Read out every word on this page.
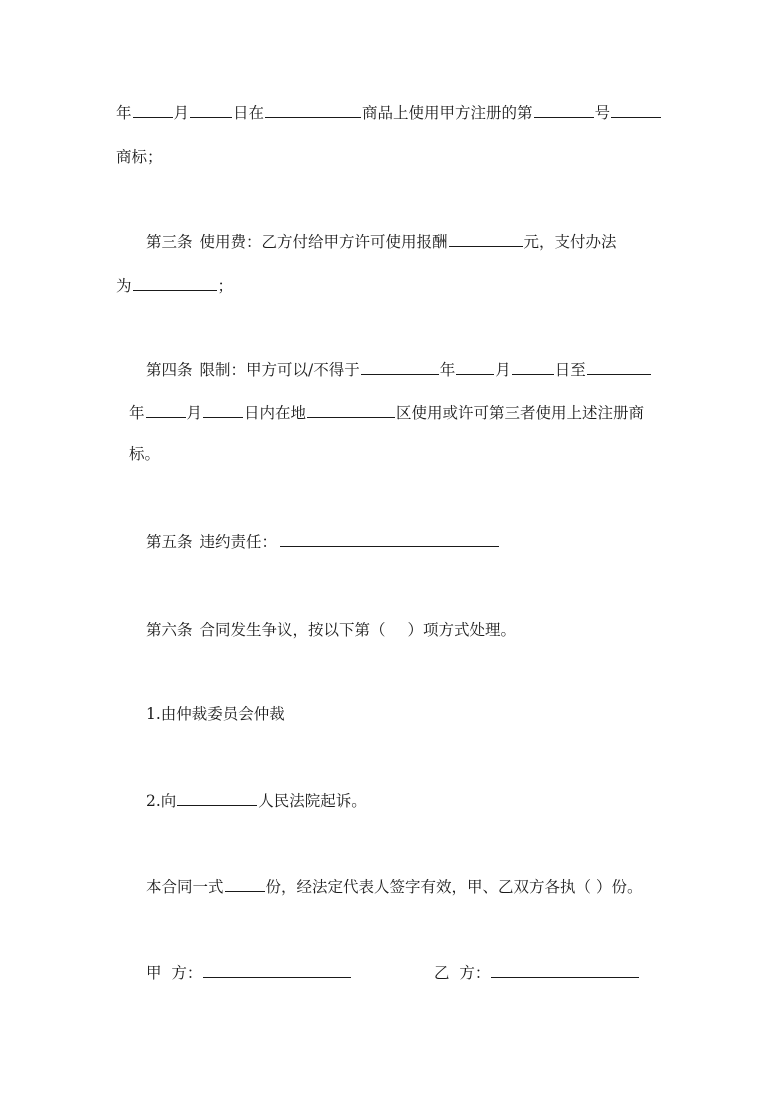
年	月	日在	商品上使用甲方注册的第	号
商标；
第三条 使用费：乙方付给甲方许可使用报酬	元，支付办法
为	；
第四条 限制：甲方可以/不得于	年	月	日至
年	月	日内在地	区使用或许可第三者使用上述注册商
标。
第五条 违约责任：
第六条 合同发生争议，按以下第（ ）项方式处理。
1.由仲裁委员会仲裁
2.向	人民法院起诉。
本合同一式	份，经法定代表人签字有效，甲、乙双方各执（ ）份。
甲  方：	乙  方：
